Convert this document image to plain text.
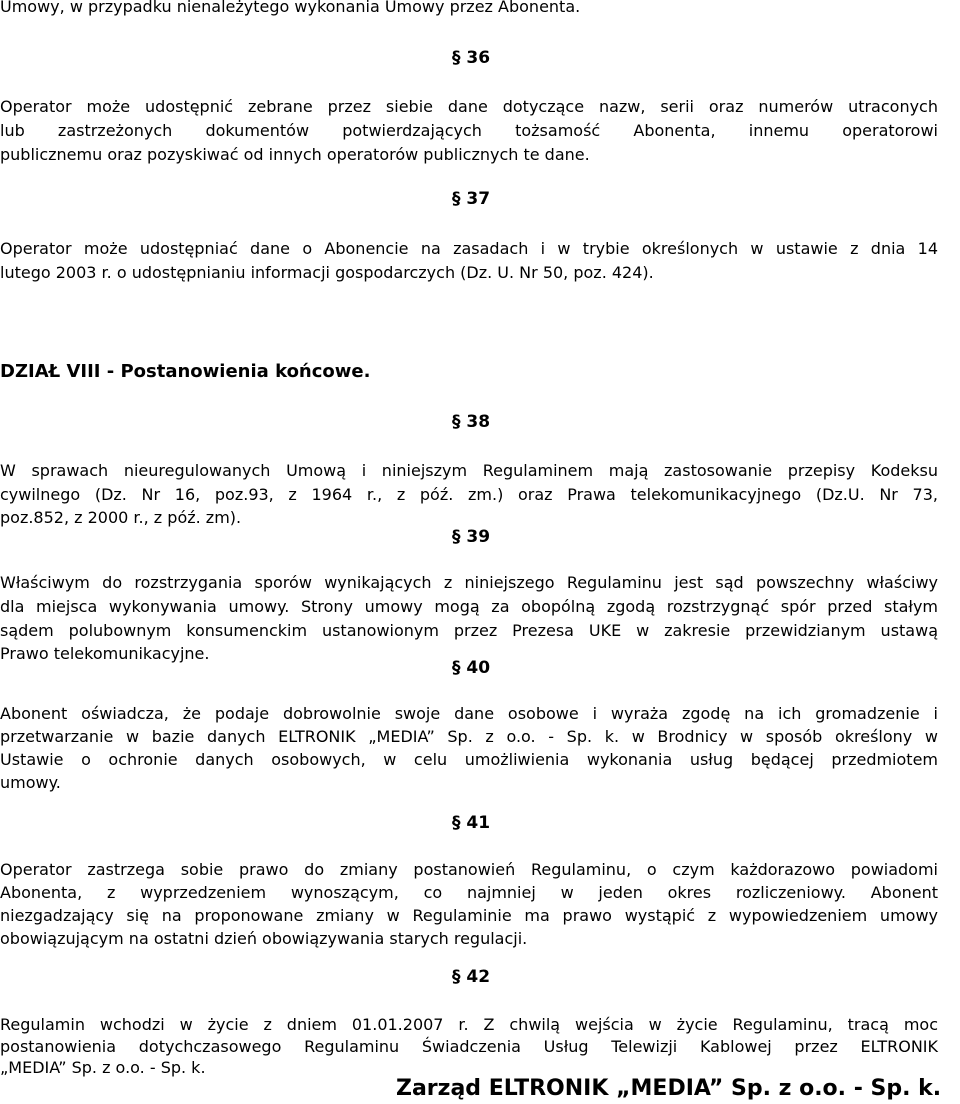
Umowy, w przypadku nienależytego wykonania Umowy przez Abonenta.
§ 36
Operator może udostępnić zebrane przez siebie dane dotyczące nazw, serii oraz numerów utraconych
lub zastrzeżonych dokumentów potwierdzających tożsamość Abonenta, innemu operatorowi
publicznemu oraz pozyskiwać od innych operatorów publicznych te dane.
§ 37
Operator może udostępniać dane o Abonencie na zasadach i w trybie określonych w ustawie z dnia 14
lutego 2003 r. o udostępnianiu informacji gospodarczych (Dz. U. Nr 50, poz. 424).
DZIAŁ VIII - Postanowienia końcowe.
§ 38
W sprawach nieuregulowanych Umową i niniejszym Regulaminem mają zastosowanie przepisy Kodeksu
cywilnego (Dz. Nr 16, poz.93, z 1964 r., z póź. zm.) oraz Prawa telekomunikacyjnego (Dz.U. Nr 73,
poz.852, z 2000 r., z póź. zm).
§ 39
Właściwym do rozstrzygania sporów wynikających z niniejszego Regulaminu jest sąd powszechny właściwy
dla miejsca wykonywania umowy. Strony umowy mogą za obopólną zgodą rozstrzygnąć spór przed stałym
sądem polubownym konsumenckim ustanowionym przez Prezesa UKE w zakresie przewidzianym ustawą
Prawo telekomunikacyjne.
§ 40
Abonent oświadcza, że podaje dobrowolnie swoje dane osobowe i wyraża zgodę na ich gromadzenie i
przetwarzanie w bazie danych ELTRONIK „MEDIA” Sp. z o.o. - Sp. k. w Brodnicy w sposób określony w
Ustawie o ochronie danych osobowych, w celu umożliwienia wykonania usług będącej przedmiotem
umowy.
§ 41
Operator zastrzega sobie prawo do zmiany postanowień Regulaminu, o czym każdorazowo powiadomi
Abonenta, z wyprzedzeniem wynoszącym, co najmniej w jeden okres rozliczeniowy. Abonent
niezgadzający się na proponowane zmiany w Regulaminie ma prawo wystąpić z wypowiedzeniem umowy
obowiązującym na ostatni dzień obowiązywania starych regulacji.
§ 42
Regulamin wchodzi w życie z dniem 01.01.2007 r. Z chwilą wejścia w życie Regulaminu, tracą moc
postanowienia dotychczasowego Regulaminu Świadczenia Usług Telewizji Kablowej przez ELTRONIK
„MEDIA” Sp. z o.o. - Sp. k.
Zarząd ELTRONIK „MEDIA” Sp. z o.o. - Sp. k.
